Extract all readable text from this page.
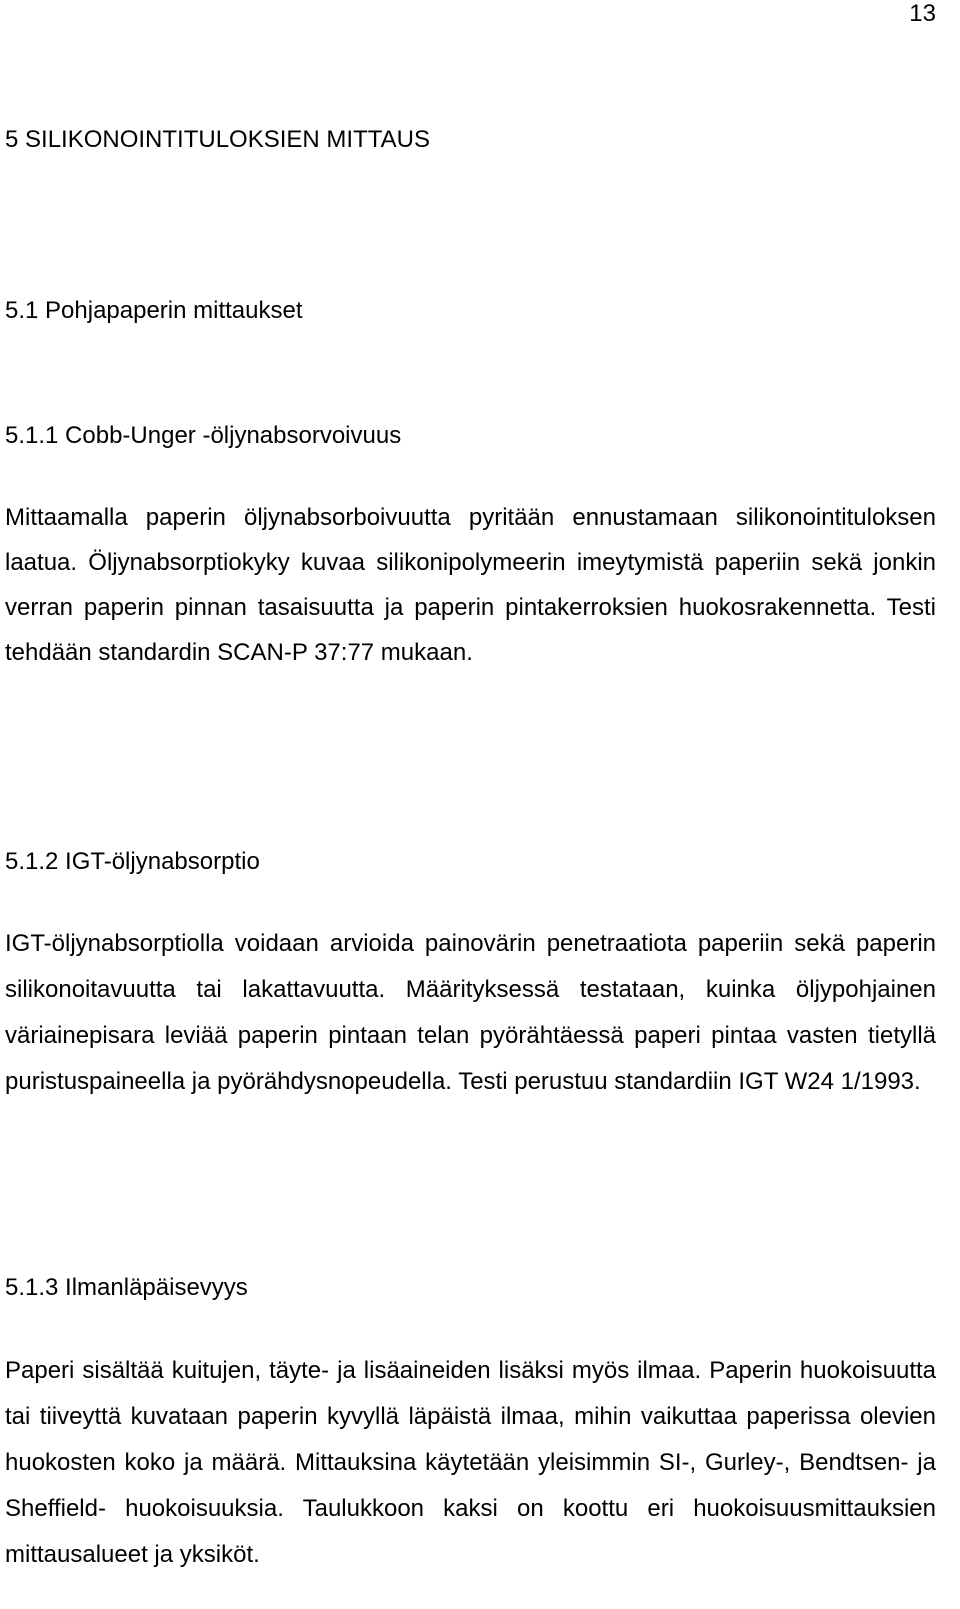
13
5 SILIKONOINTITULOKSIEN MITTAUS
5.1 Pohjapaperin mittaukset
5.1.1 Cobb-Unger -öljynabsorvoivuus

Mittaamalla paperin öljynabsorboivuutta pyritään ennustamaan silikonointituloksen laatua. Öljynabsorptiokyky kuvaa silikonipolymeerin imeytymistä paperiin sekä jonkin verran paperin pinnan tasaisuutta ja paperin pintakerroksien huokosrakennetta. Testi tehdään standardin SCAN-P 37:77 mukaan.

5.1.2 IGT-öljynabsorptio

IGT-öljynabsorptiolla voidaan arvioida painovärin penetraatiota paperiin sekä paperin silikonoitavuutta tai lakattavuutta. Määrityksessä testataan, kuinka öljypohjainen väriainepisara leviää paperin pintaan telan pyörähtäessä paperi pintaa vasten tietyllä puristuspaineella ja pyörähdysnopeudella. Testi perustuu standardiin IGT W24 1/1993.

5.1.3 Ilmanläpäisevyys

Paperi sisältää kuitujen, täyte- ja lisäaineiden lisäksi myös ilmaa. Paperin huokoisuutta tai tiiveyttä kuvataan paperin kyvyllä läpäistä ilmaa, mihin vaikuttaa paperissa olevien huokosten koko ja määrä. Mittauksina käytetään yleisimmin SI-, Gurley-, Bendtsen- ja Sheffield- huokoisuuksia. Taulukkoon kaksi on koottu eri huokoisuusmittauksien mittausalueet ja yksiköt.
